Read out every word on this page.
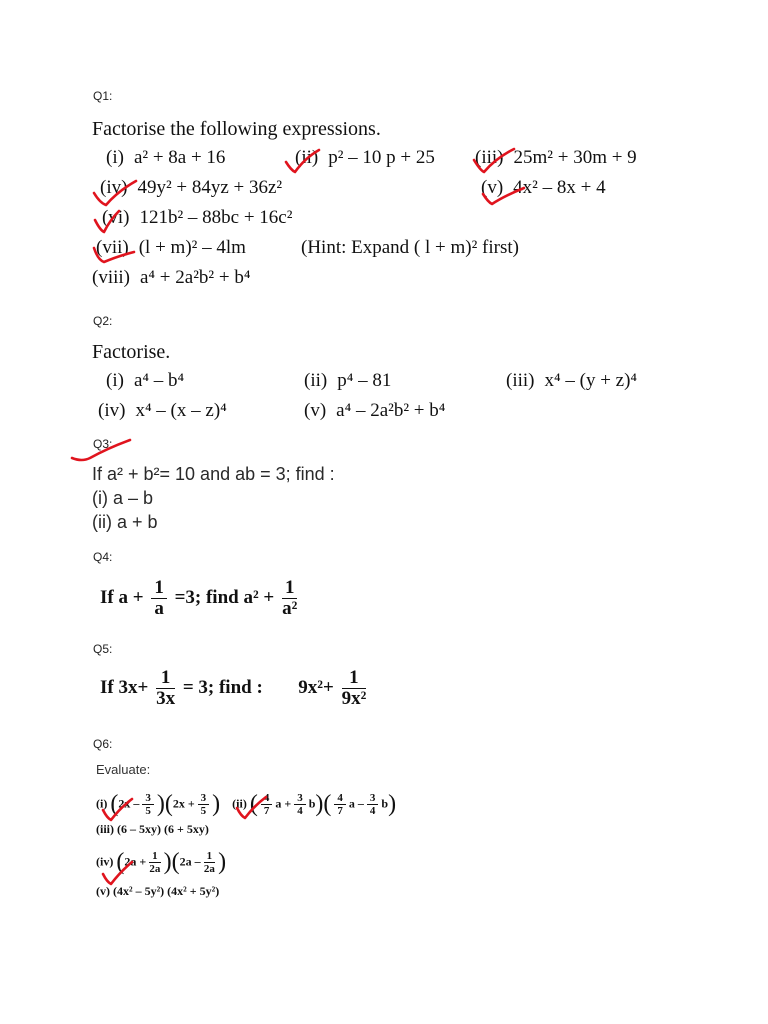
Q1:
Factorise the following expressions.
(i) a² + 8a + 16	(ii) p² – 10 p + 25 (iii) 25m² + 30m + 9
(iv) 49y² + 84yz + 36z²	(v) 4x² – 8x + 4
(vi) 121b² – 88bc + 16c²
(vii) (l + m)² – 4lm	(Hint: Expand ( l + m)² first)
(viii) a⁴ + 2a²b² + b⁴
Q2:
Factorise.
(i) a⁴ – b⁴	(ii) p⁴ – 81	(iii) x⁴ – (y + z)⁴
(iv) x⁴ – (x – z)⁴	(v) a⁴ – 2a²b² + b⁴
Q3:
If a² + b²= 10 and ab = 3; find :
(i) a – b
(ii) a + b
Q4:
If $a + \frac{1}{a} =3$; find $a^2 + \frac{1}{\text{a²}}$
Q5:
If $3x+ \frac{1}{3x} = 3$; find : $9x^2+ \frac{1}{\text{9x²}}$
Q6:
Evaluate:
(i) $(2x - \frac{3}{5} )(2x + \frac{3}{5}$ ) (ii) ( $\frac{4}{7}$ $a + \frac{3}{4} b)( \frac{4}{7}$ a – $\frac{3}{4} b$)
(iii) (6 – 5xy) (6 + 5xy)
(iv) $(2a + \frac{1}{2a} )(2a - \frac{1}{2a}$ )
(v) (4x² – 5y²) (4x² + 5y²)
